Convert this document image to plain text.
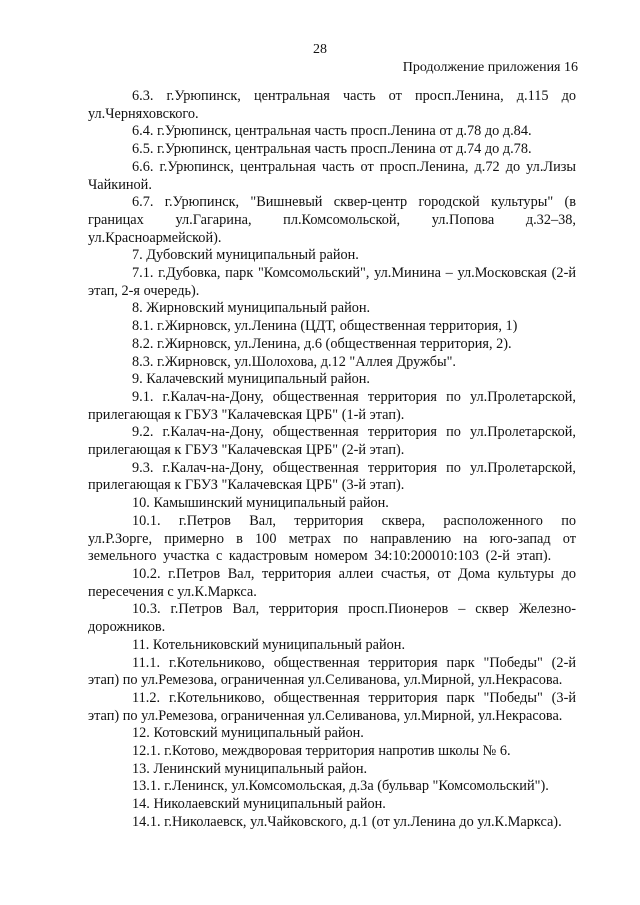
28
Продолжение приложения 16

6.3. г.Урюпинск, центральная часть от просп.Ленина, д.115 до ул.Черняховского.

6.4. г.Урюпинск, центральная часть просп.Ленина от д.78 до д.84.

6.5. г.Урюпинск, центральная часть просп.Ленина от д.74 до д.78.

6.6. г.Урюпинск, центральная часть от просп.Ленина, д.72 до ул.Лизы Чайкиной.

6.7. г.Урюпинск, "Вишневый сквер-центр городской культуры" (в границах ул.Гагарина, пл.Комсомольской, ул.Попова д.32–38, ул.Красноармейской).

7. Дубовский муниципальный район.

7.1. г.Дубовка, парк "Комсомольский", ул.Минина – ул.Московская (2-й этап, 2-я очередь).

8. Жирновский муниципальный район.

8.1. г.Жирновск, ул.Ленина (ЦДТ, общественная территория, 1)

8.2. г.Жирновск, ул.Ленина, д.6 (общественная территория, 2).

8.3. г.Жирновск, ул.Шолохова, д.12 "Аллея Дружбы".

9. Калачевский муниципальный район.

9.1. г.Калач-на-Дону, общественная территория по ул.Пролетарской, прилегающая к ГБУЗ "Калачевская ЦРБ" (1-й этап).

9.2. г.Калач-на-Дону, общественная территория по ул.Пролетарской, прилегающая к ГБУЗ "Калачевская ЦРБ" (2-й этап).

9.3. г.Калач-на-Дону, общественная территория по ул.Пролетарской, прилегающая к ГБУЗ "Калачевская ЦРБ" (3-й этап).

10. Камышинский муниципальный район.

10.1. г.Петров Вал, территория сквера, расположенного по ул.Р.Зорге, примерно в 100 метрах по направлению на юго-запад от земельного участка с кадастровым номером 34:10:200010:103 (2-й этап).

10.2. г.Петров Вал, территория аллеи счастья, от Дома культуры до пересечения с ул.К.Маркса.

10.3. г.Петров Вал, территория просп.Пионеров – сквер Железно-дорожников.

11. Котельниковский муниципальный район.

11.1. г.Котельниково, общественная территория парк "Победы" (2-й этап) по ул.Ремезова, ограниченная ул.Селиванова, ул.Мирной, ул.Некрасова.

11.2. г.Котельниково, общественная территория парк "Победы" (3-й этап) по ул.Ремезова, ограниченная ул.Селиванова, ул.Мирной, ул.Некрасова.

12. Котовский муниципальный район.

12.1. г.Котово, междворовая территория напротив школы № 6.

13. Ленинский муниципальный район.

13.1. г.Ленинск, ул.Комсомольская, д.3а (бульвар "Комсомольский").

14. Николаевский муниципальный район.

14.1. г.Николаевск, ул.Чайковского, д.1 (от ул.Ленина до ул.К.Маркса).
